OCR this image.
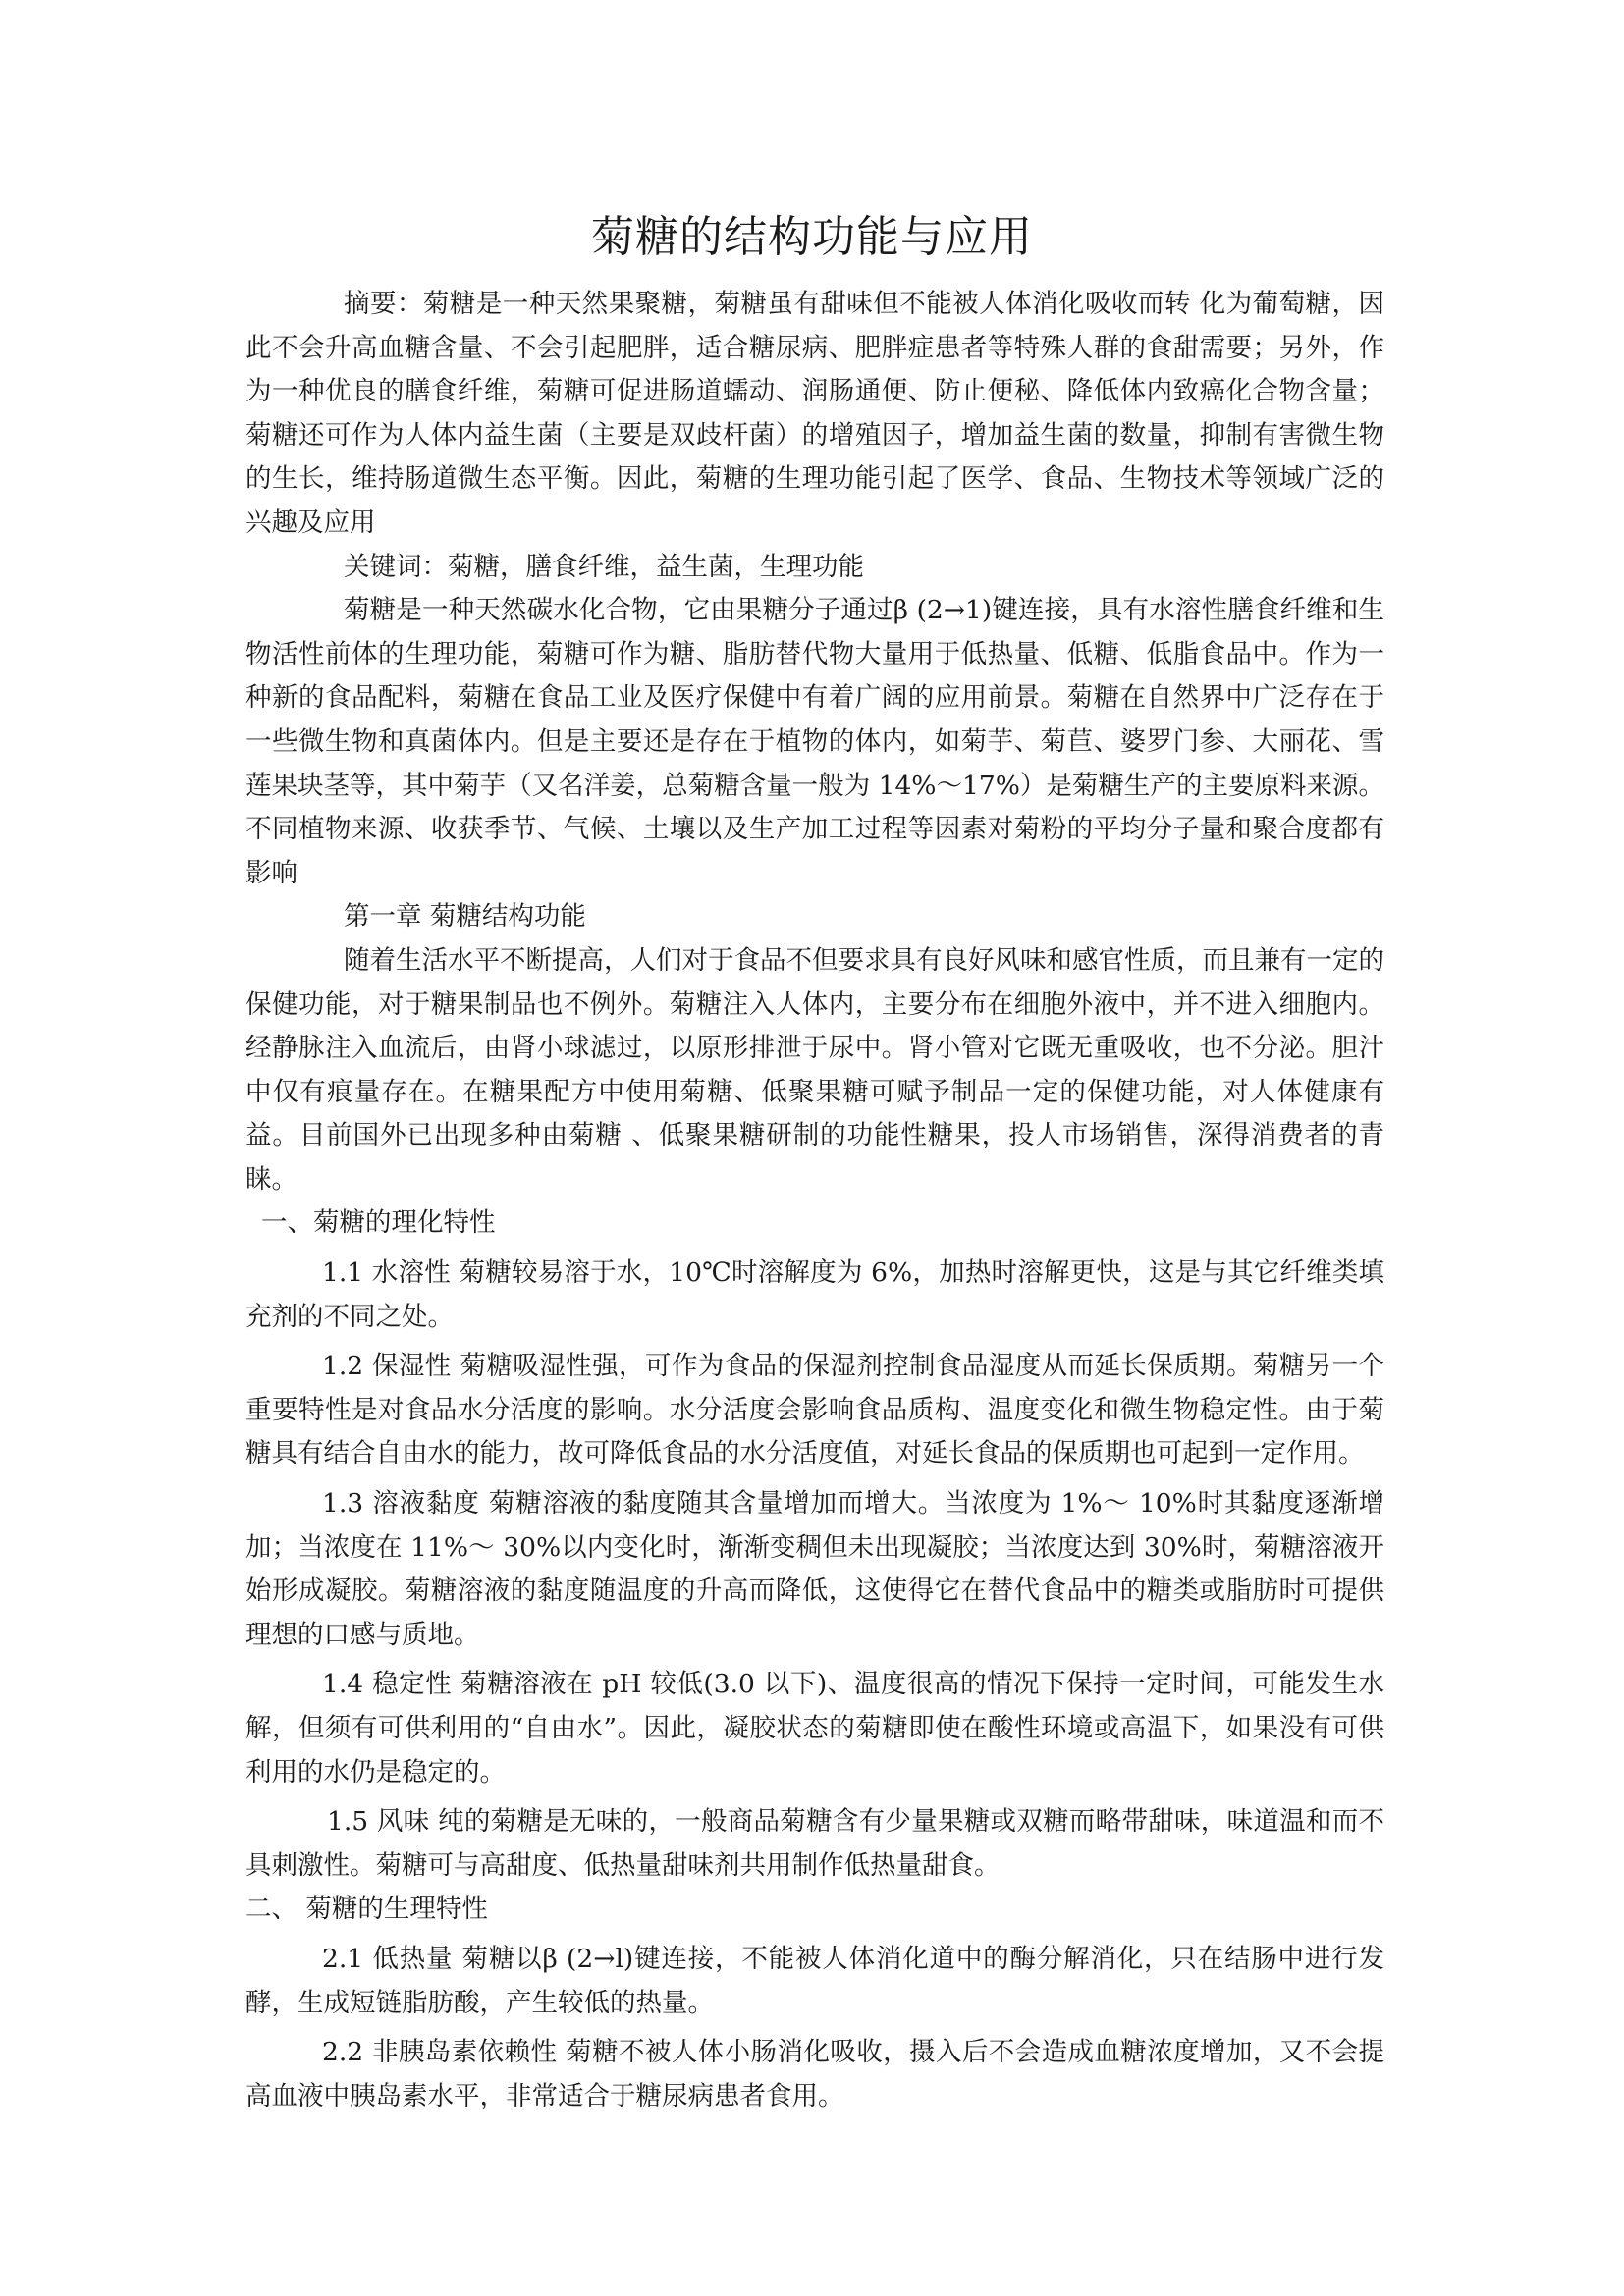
菊糖的结构功能与应用

摘要：菊糖是一种天然果聚糖，菊糖虽有甜味但不能被人体消化吸收而转 化为葡萄糖，因此不会升高血糖含量、不会引起肥胖，适合糖尿病、肥胖症患者等特殊人群的食甜需要；另外，作为一种优良的膳食纤维，菊糖可促进肠道蠕动、润肠通便、防止便秘、降低体内致癌化合物含量；菊糖还可作为人体内益生菌（主要是双歧杆菌）的增殖因子，增加益生菌的数量，抑制有害微生物的生长，维持肠道微生态平衡。因此，菊糖的生理功能引起了医学、食品、生物技术等领域广泛的兴趣及应用

关键词：菊糖，膳食纤维，益生菌，生理功能

菊糖是一种天然碳水化合物，它由果糖分子通过β (2→1)键连接，具有水溶性膳食纤维和生物活性前体的生理功能，菊糖可作为糖、脂肪替代物大量用于低热量、低糖、低脂食品中。作为一种新的食品配料，菊糖在食品工业及医疗保健中有着广阔的应用前景。菊糖在自然界中广泛存在于一些微生物和真菌体内。但是主要还是存在于植物的体内，如菊芋、菊苣、婆罗门参、大丽花、雪莲果块茎等，其中菊芋（又名洋姜，总菊糖含量一般为 14%～17%）是菊糖生产的主要原料来源。不同植物来源、收获季节、气候、土壤以及生产加工过程等因素对菊粉的平均分子量和聚合度都有影响

第一章 菊糖结构功能

随着生活水平不断提高，人们对于食品不但要求具有良好风味和感官性质，而且兼有一定的保健功能，对于糖果制品也不例外。菊糖注入人体内，主要分布在细胞外液中，并不进入细胞内。经静脉注入血流后，由肾小球滤过，以原形排泄于尿中。肾小管对它既无重吸收，也不分泌。胆汁中仅有痕量存在。在糖果配方中使用菊糖、低聚果糖可赋予制品一定的保健功能，对人体健康有益。目前国外已出现多种由菊糖 、低聚果糖研制的功能性糖果，投人市场销售，深得消费者的青睐。

一、菊糖的理化特性

1.1 水溶性 菊糖较易溶于水，10℃时溶解度为 6%，加热时溶解更快，这是与其它纤维类填充剂的不同之处。

1.2 保湿性 菊糖吸湿性强，可作为食品的保湿剂控制食品湿度从而延长保质期。菊糖另一个重要特性是对食品水分活度的影响。水分活度会影响食品质构、温度变化和微生物稳定性。由于菊糖具有结合自由水的能力，故可降低食品的水分活度值，对延长食品的保质期也可起到一定作用。

1.3 溶液黏度 菊糖溶液的黏度随其含量增加而增大。当浓度为 1%～ 10%时其黏度逐渐增加；当浓度在 11%～ 30%以内变化时，渐渐变稠但未出现凝胶；当浓度达到 30%时，菊糖溶液开始形成凝胶。菊糖溶液的黏度随温度的升高而降低，这使得它在替代食品中的糖类或脂肪时可提供理想的口感与质地。

1.4 稳定性 菊糖溶液在 pH 较低(3.0 以下)、温度很高的情况下保持一定时间，可能发生水解，但须有可供利用的“自由水”。因此，凝胶状态的菊糖即使在酸性环境或高温下，如果没有可供利用的水仍是稳定的。

1.5 风味 纯的菊糖是无味的，一般商品菊糖含有少量果糖或双糖而略带甜味，味道温和而不具刺激性。菊糖可与高甜度、低热量甜味剂共用制作低热量甜食。

二、 菊糖的生理特性

2.1 低热量 菊糖以β (2→l)键连接，不能被人体消化道中的酶分解消化，只在结肠中进行发酵，生成短链脂肪酸，产生较低的热量。

2.2 非胰岛素依赖性 菊糖不被人体小肠消化吸收，摄入后不会造成血糖浓度增加，又不会提高血液中胰岛素水平，非常适合于糖尿病患者食用。
